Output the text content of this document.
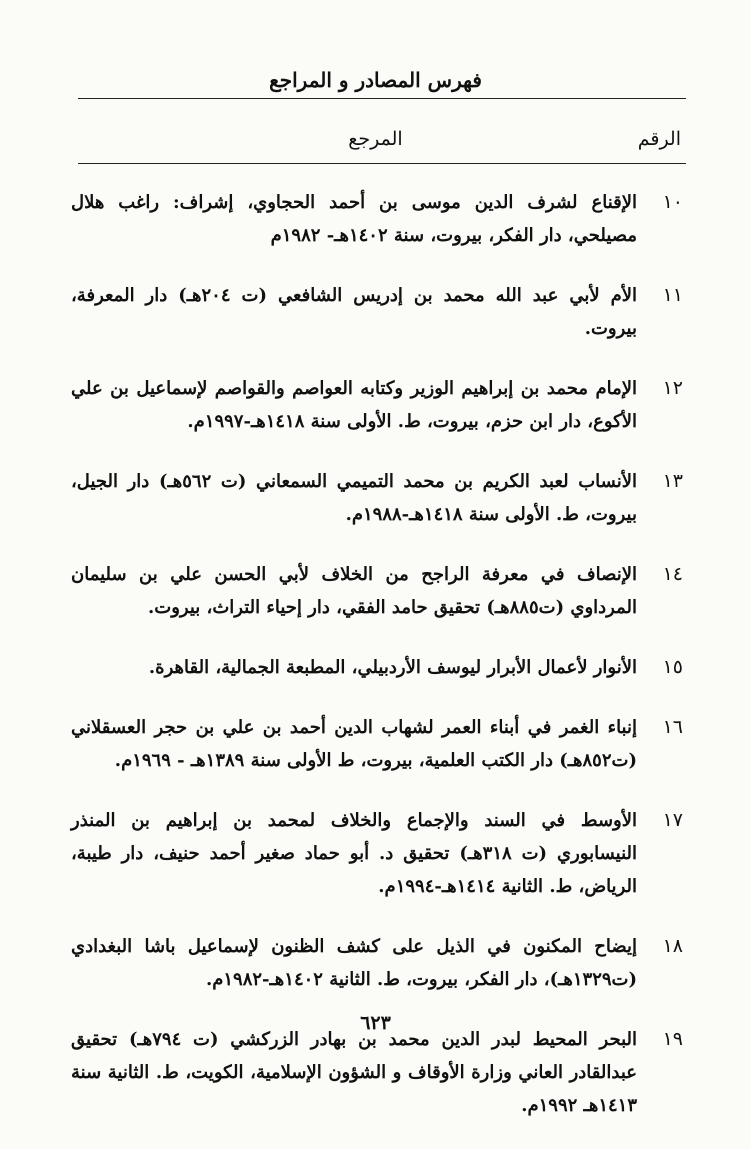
فهرس المصادر و المراجع
الرقم
المرجع
١٠
الإقناع لشرف الدين موسى بن أحمد الحجاوي، إشراف: راغب هلال مصيلحي، دار الفكر، بيروت، سنة ١٤٠٢هـ- ١٩٨٢م
١١
الأم لأبي عبد الله محمد بن إدريس الشافعي (ت ٢٠٤هـ) دار المعرفة، بيروت.
١٢
الإمام محمد بن إبراهيم الوزير وكتابه العواصم والقواصم لإسماعيل بن علي الأكوع، دار ابن حزم، بيروت، ط. الأولى سنة ١٤١٨هـ-١٩٩٧م.
١٣
الأنساب لعبد الكريم بن محمد التميمي السمعاني (ت ٥٦٢هـ) دار الجيل، بيروت، ط. الأولى سنة ١٤١٨هـ-١٩٨٨م.
١٤
الإنصاف في معرفة الراجح من الخلاف لأبي الحسن علي بن سليمان المرداوي (ت٨٨٥هـ) تحقيق حامد الفقي، دار إحياء التراث، بيروت.
١٥
الأنوار لأعمال الأبرار ليوسف الأردبيلي، المطبعة الجمالية، القاهرة.
١٦
إنباء الغمر في أبناء العمر لشهاب الدين أحمد بن علي بن حجر العسقلاني (ت٨٥٢هـ) دار الكتب العلمية، بيروت، ط الأولى سنة ١٣٨٩هـ - ١٩٦٩م.
١٧
الأوسط في السند والإجماع والخلاف لمحمد بن إبراهيم بن المنذر النيسابوري (ت ٣١٨هـ) تحقيق د. أبو حماد صغير أحمد حنيف، دار طيبة، الرياض، ط. الثانية ١٤١٤هـ-١٩٩٤م.
١٨
إيضاح المكنون في الذيل على كشف الظنون لإسماعيل باشا البغدادي (ت١٣٢٩هـ)، دار الفكر، بيروت، ط. الثانية ١٤٠٢هـ-١٩٨٢م.
١٩
البحر المحيط لبدر الدين محمد بن بهادر الزركشي (ت ٧٩٤هـ) تحقيق عبدالقادر العاني وزارة الأوقاف و الشؤون الإسلامية، الكويت، ط. الثانية سنة ١٤١٣هـ ١٩٩٢م.
٦٢٣
